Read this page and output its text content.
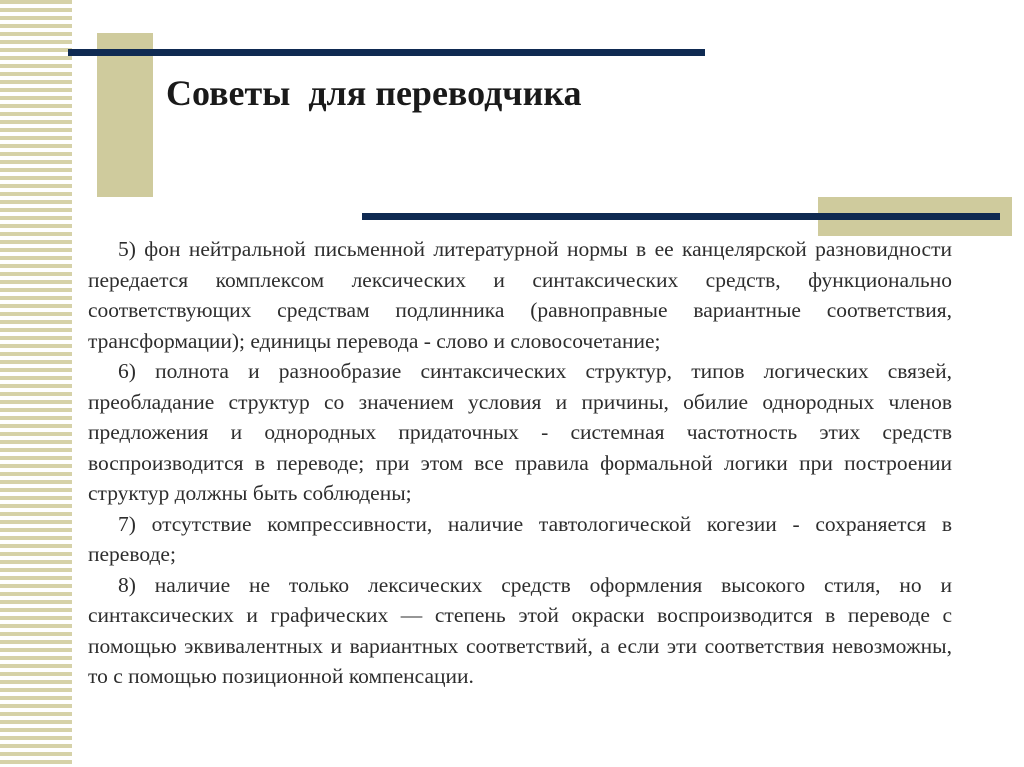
Советы  для переводчика

5) фон нейтральной письменной литературной нормы в ее канцелярской разновидности передается комплексом лексических и синтаксических средств, функционально соответствующих средствам подлинника (равноправные вариантные соответствия, трансформации); единицы перевода - слово и словосочетание;

6) полнота и разнообразие синтаксических структур, типов логических связей, преобладание структур со значением условия и причины, обилие однородных членов предложения и однородных придаточных - системная частотность этих средств воспроизводится в переводе; при этом все правила формальной логики при построении структур должны быть соблюдены;

7) отсутствие компрессивности, наличие тавтологической когезии - сохраняется в переводе;

8) наличие не только лексических средств оформления высокого стиля, но и синтаксических и графических — степень этой окраски воспроизводится в переводе с помощью эквивалентных и вариантных соответствий, а если эти соответствия невозможны, то с помощью позиционной компенсации.
